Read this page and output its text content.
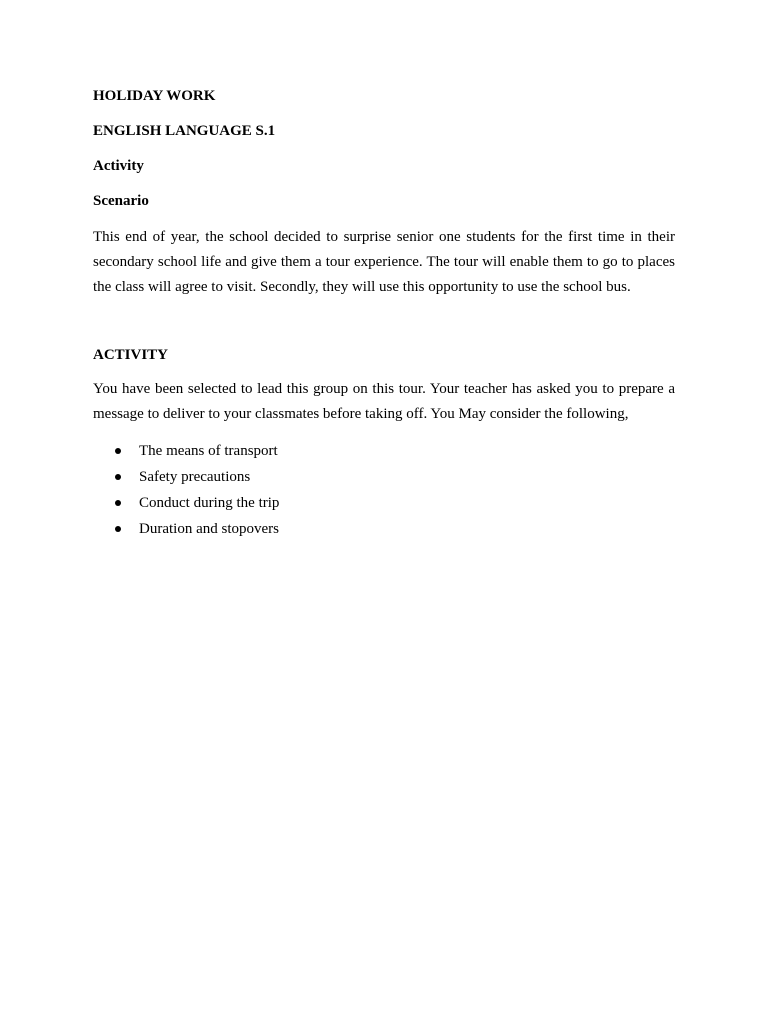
HOLIDAY WORK

ENGLISH LANGUAGE S.1

Activity

Scenario

This end of year, the school decided to surprise senior one students for the first time in their secondary school life and give them a tour experience. The tour will enable them to go to places the class will agree to visit. Secondly, they will use this opportunity to use the school bus.

ACTIVITY

You have been selected to lead this group on this tour. Your teacher has asked you to prepare a message to deliver to your classmates before taking off. You May consider the following,

The means of transport
Safety precautions
Conduct during the trip
Duration and stopovers
